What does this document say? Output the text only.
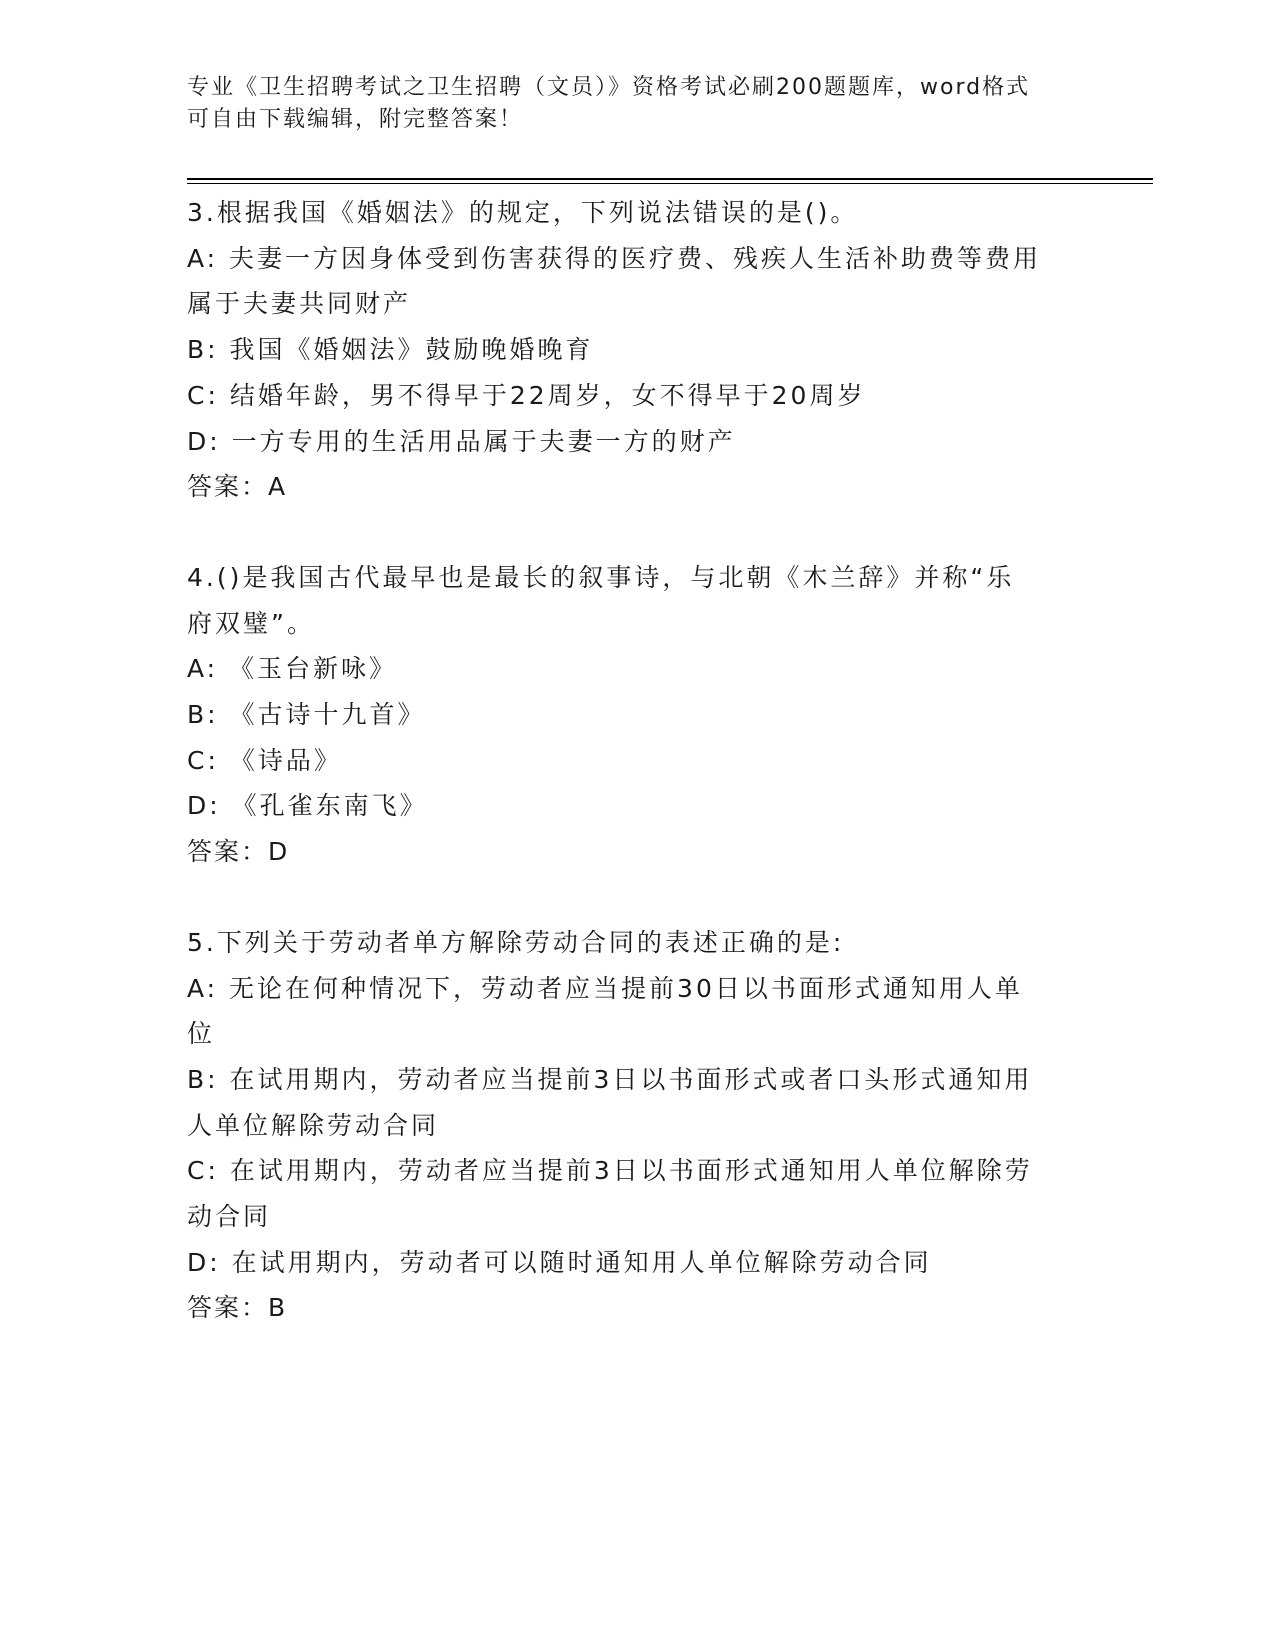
专业《卫生招聘考试之卫生招聘（文员）》资格考试必刷200题题库，word格式
可自由下载编辑，附完整答案！
3.根据我国《婚姻法》的规定，下列说法错误的是()。
A: 夫妻一方因身体受到伤害获得的医疗费、残疾人生活补助费等费用
属于夫妻共同财产
B: 我国《婚姻法》鼓励晚婚晚育
C: 结婚年龄，男不得早于22周岁，女不得早于20周岁
D: 一方专用的生活用品属于夫妻一方的财产
答案：A
4.()是我国古代最早也是最长的叙事诗，与北朝《木兰辞》并称“乐
府双璧”。
A: 《玉台新咏》
B: 《古诗十九首》
C: 《诗品》
D: 《孔雀东南飞》
答案：D
5.下列关于劳动者单方解除劳动合同的表述正确的是:
A: 无论在何种情况下，劳动者应当提前30日以书面形式通知用人单
位
B: 在试用期内，劳动者应当提前3日以书面形式或者口头形式通知用
人单位解除劳动合同
C: 在试用期内，劳动者应当提前3日以书面形式通知用人单位解除劳
动合同
D: 在试用期内，劳动者可以随时通知用人单位解除劳动合同
答案：B
